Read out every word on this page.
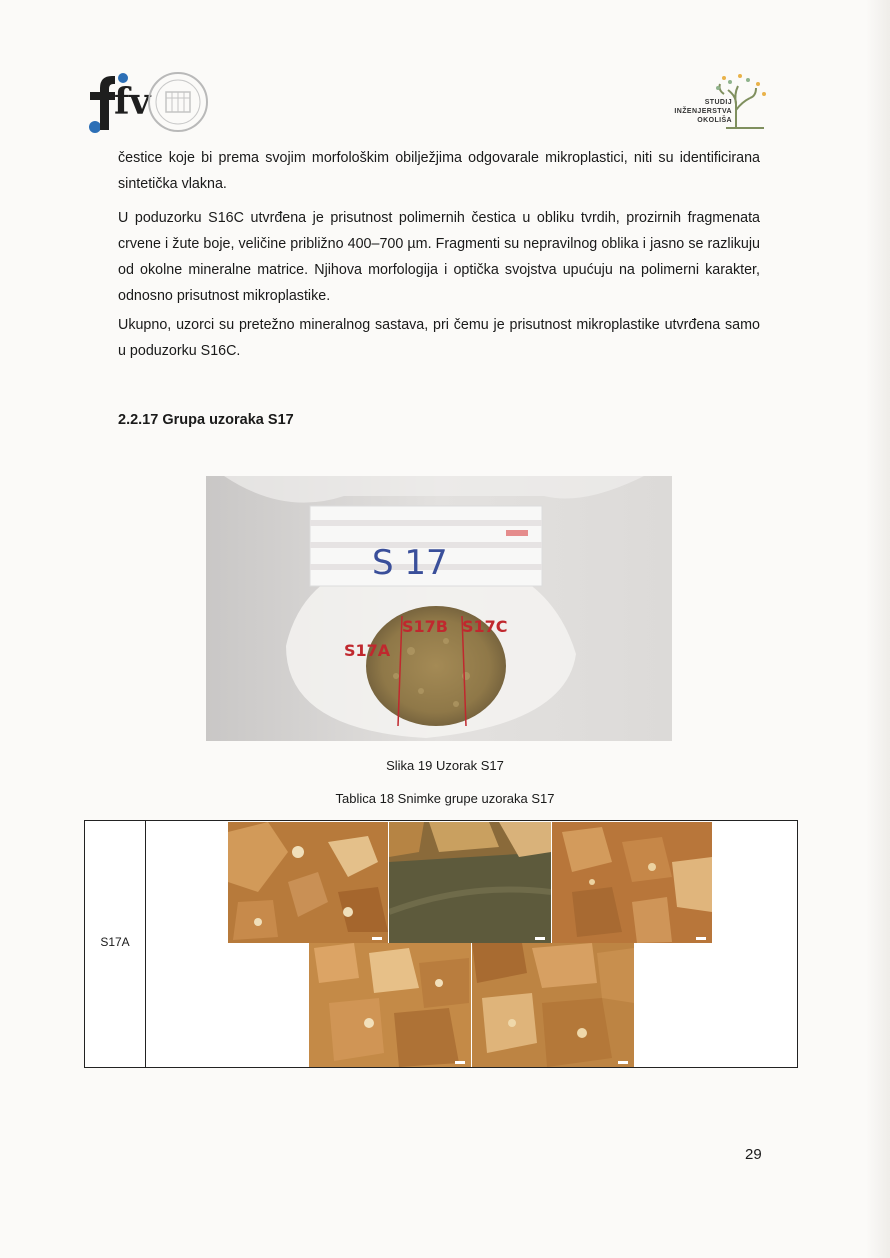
fv	STUDIJ
INŽENJERSTVA
OKOLIŠA

čestice koje bi prema svojim morfološkim obilježjima odgovarale mikroplastici, niti su identificirana sintetička vlakna.

U poduzorku S16C utvrđena je prisutnost polimernih čestica u obliku tvrdih, prozirnih fragmenata crvene i žute boje, veličine približno 400–700 µm. Fragmenti su nepravilnog oblika i jasno se razlikuju od okolne mineralne matrice. Njihova morfologija i optička svojstva upućuju na polimerni karakter, odnosno prisutnost mikroplastike.

Ukupno, uzorci su pretežno mineralnog sastava, pri čemu je prisutnost mikroplastike utvrđena samo u poduzorku S16C.

2.2.17 Grupa uzoraka S17
S 17
S17A
S17B S17C
Slika 19 Uzorak S17
Tablica 18 Snimke grupe uzoraka S17
S17A
29
